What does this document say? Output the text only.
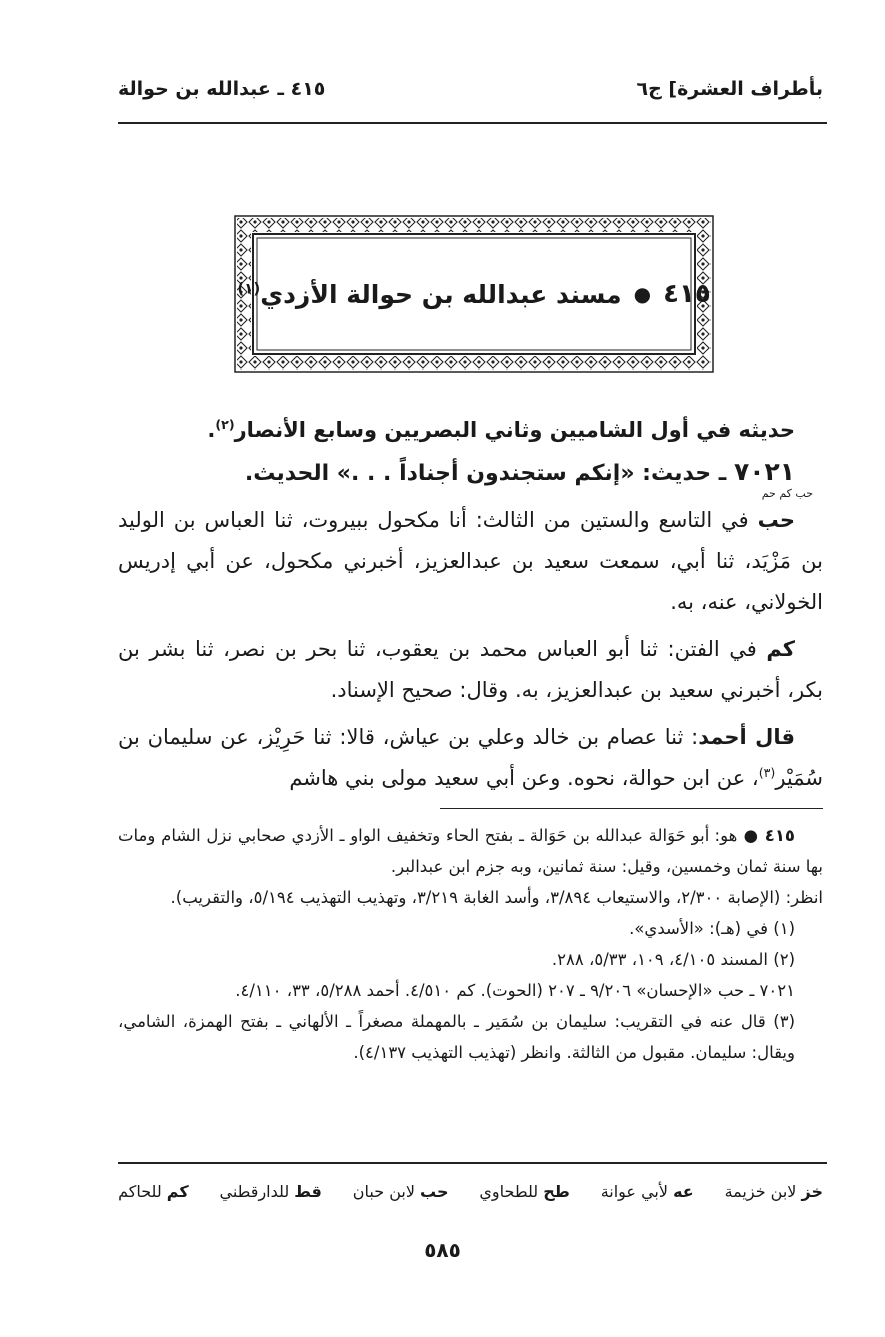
بأطراف العشرة] ج٦
٤١٥ ـ عبدالله بن حوالة
٤١٥
●
مسند عبدالله بن حوالة الأزدي$^{(١)}$

حديثه في أول الشاميين وثاني البصريين وسابع الأنصار$^{(٢)}$.

٧٠٢١ ـ حديث: «إنكم ستجندون أجناداً . . .» الحديث.

حب كم حم

حب في التاسع والستين من الثالث: أنا مكحول ببيروت، ثنا العباس بن الوليد بن مَزْيَد، ثنا أبي، سمعت سعيد بن عبدالعزيز، أخبرني مكحول، عن أبي إدريس الخولاني، عنه، به.

كم في الفتن: ثنا أبو العباس محمد بن يعقوب، ثنا بحر بن نصر، ثنا بشر بن بكر، أخبرني سعيد بن عبدالعزيز، به. وقال: صحيح الإسناد.

قال أحمد: ثنا عصام بن خالد وعلي بن عياش، قالا: ثنا حَرِيْز، عن سليمان بن سُمَيْر$^{(٣)}$، عن ابن حوالة، نحوه. وعن أبي سعيد مولى بني هاشم

٤١٥ ● هو: أبو حَوَالة عبدالله بن حَوَالة ـ بفتح الحاء وتخفيف الواو ـ الأزدي صحابي نزل الشام ومات بها سنة ثمان وخمسين، وقيل: سنة ثمانين، وبه جزم ابن عبدالبر.

انظر: (الإصابة ٢/٣٠٠، والاستيعاب ٣/٨٩٤، وأسد الغابة ٣/٢١٩، وتهذيب التهذيب ٥/١٩٤، والتقريب).

(١) في (هـ): «الأسدي».

(٢) المسند ٤/١٠٥، ١٠٩، ٥/٣٣، ٢٨٨.

٧٠٢١ ـ حب «الإحسان» ٩/٢٠٦ ـ ٢٠٧ (الحوت). كم ٤/٥١٠. أحمد ٥/٢٨٨، ٣٣، ٤/١١٠.

(٣) قال عنه في التقريب: سليمان بن سُمَير ـ بالمهملة مصغراً ـ الألهاني ـ بفتح الهمزة، الشامي، ويقال: سليمان. مقبول من الثالثة. وانظر (تهذيب التهذيب ٤/١٣٧).

خز لابن خزيمة
عه لأبي عوانة
طح للطحاوي
حب لابن حبان
قط للدارقطني
كم للحاكم
٥٨٥
